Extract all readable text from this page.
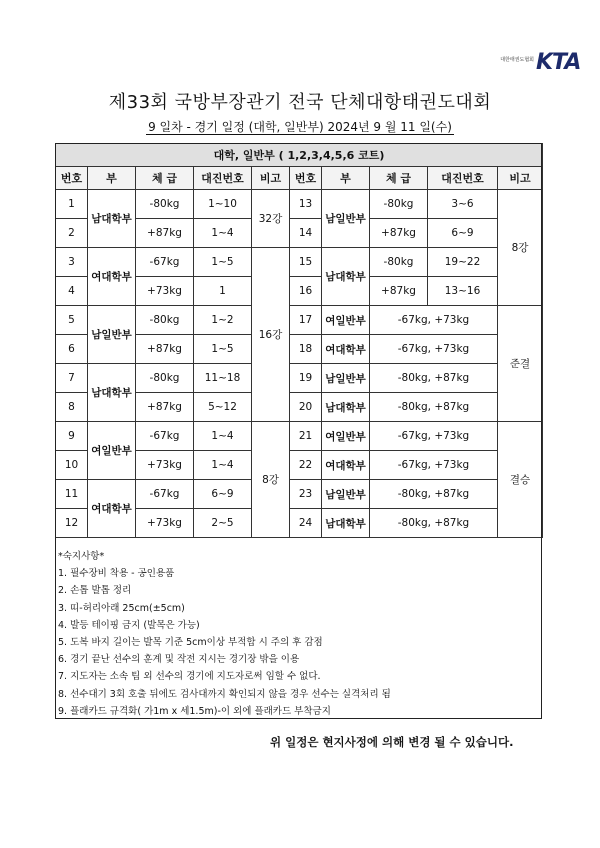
대한태권도협회 KTA
제33회 국방부장관기 전국 단체대항태권도대회
9 일차 - 경기 일정 (대학, 일반부) 2024년 9 월 11 일(수)
대학, 일반부 ( 1,2,3,4,5,6 코트)									
번호	부	체 급	대진번호	비고	번호	부	체 급	대진번호	비고
1	남대학부	-80kg	1~10	32강	13	남일반부	-80kg	3~6	8강
2		+87kg	1~4		14		+87kg	6~9	
3	여대학부	-67kg	1~5	16강	15	남대학부	-80kg	19~22	
4		+73kg	1		16		+87kg	13~16	
5	남일반부	-80kg	1~2		17	여일반부	-67kg, +73kg		준결
6		+87kg	1~5		18	여대학부	-67kg, +73kg		
7	남대학부	-80kg	11~18		19	남일반부	-80kg, +87kg		
8		+87kg	5~12		20	남대학부	-80kg, +87kg		
9	여일반부	-67kg	1~4	8강	21	여일반부	-67kg, +73kg		결승
10		+73kg	1~4		22	여대학부	-67kg, +73kg		
11	여대학부	-67kg	6~9		23	남일반부	-80kg, +87kg		
12		+73kg	2~5		24	남대학부	-80kg, +87kg		
*숙지사항*
1. 필수장비 착용 - 공인용품
2. 손톱 발톱 정리
3. 띠-허리아래 25cm(±5cm)
4. 발등 테이핑 금지 (발목은 가능)
5. 도복 바지 길이는 발목 기준 5cm이상 부적합 시 주의 후 감점
6. 경기 끝난 선수의 훈계 및 작전 지시는 경기장 밖을 이용
7. 지도자는 소속 팀 외 선수의 경기에 지도자로써 임할 수 없다.
8. 선수대기 3회 호출 뒤에도 검사대까지 확인되지 않을 경우 선수는 실격처리 됨
9. 플래카드 규격화( 가1m x 세1.5m)-이 외에 플래카드 부착금지
위 일정은 현지사정에 의해 변경 될 수 있습니다.
